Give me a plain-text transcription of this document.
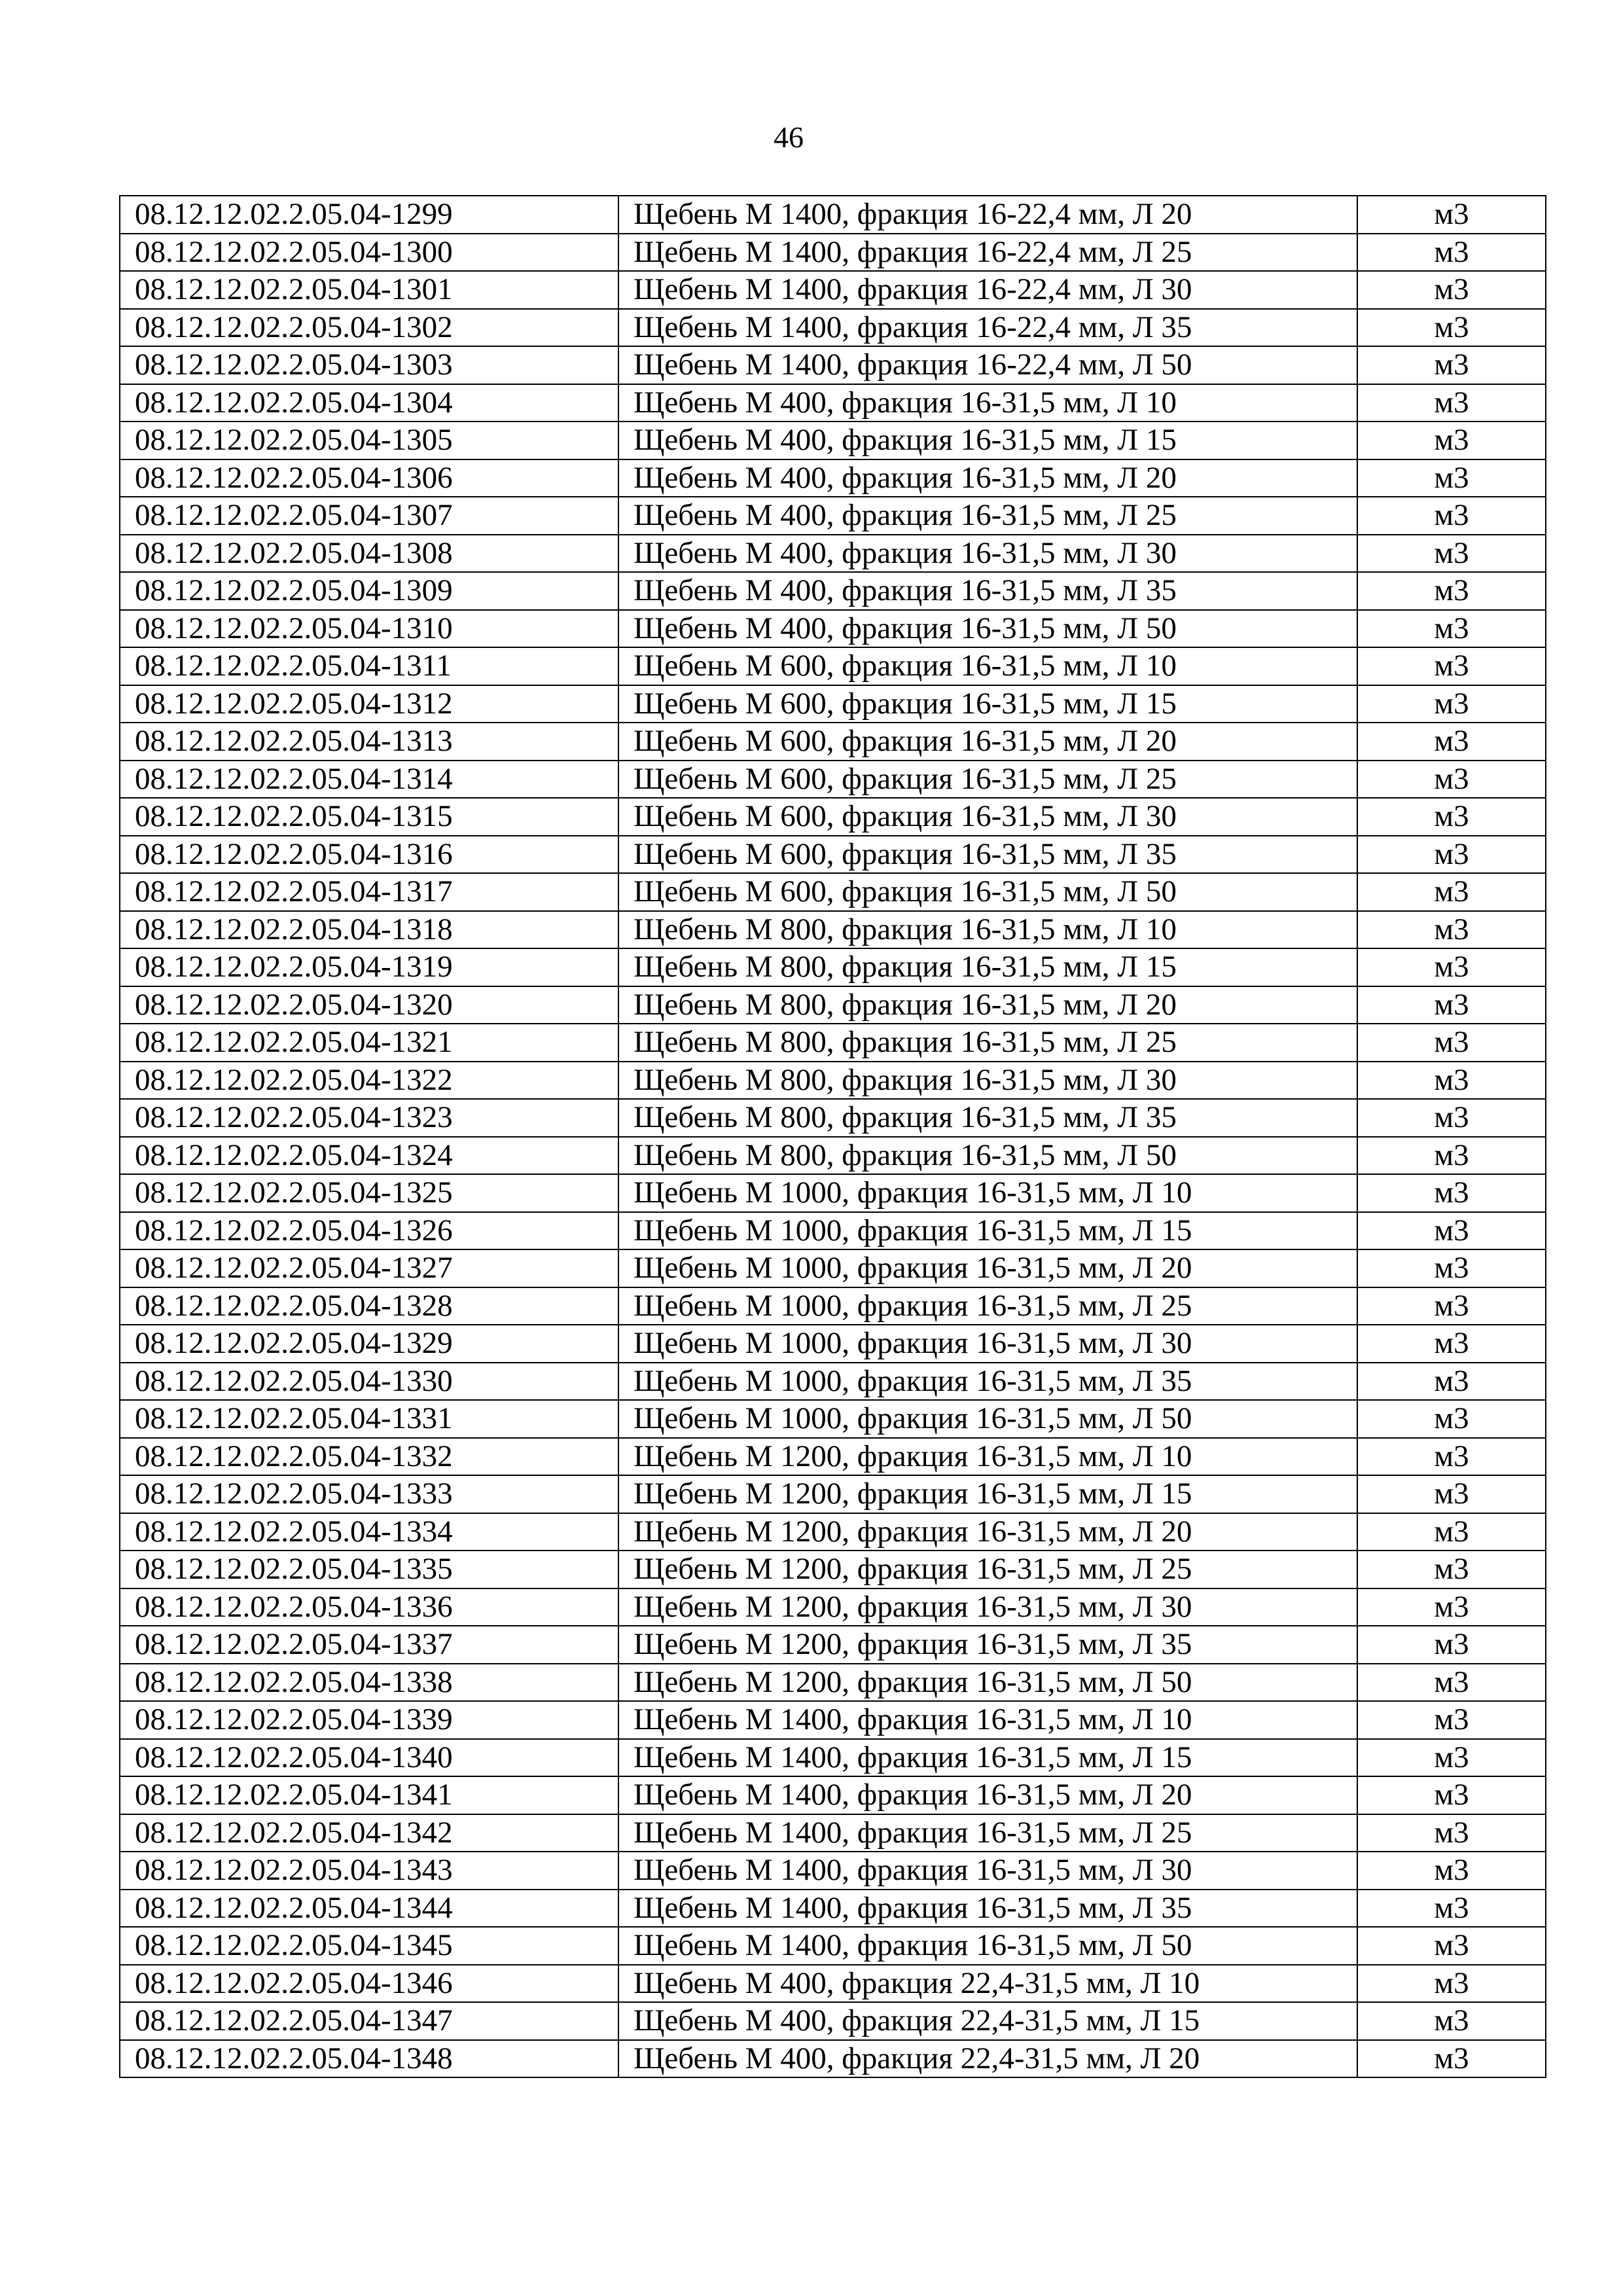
46
08.12.12.02.2.05.04-1299	Щебень М 1400, фракция 16-22,4 мм, Л 20	м3
08.12.12.02.2.05.04-1300	Щебень М 1400, фракция 16-22,4 мм, Л 25	м3
08.12.12.02.2.05.04-1301	Щебень М 1400, фракция 16-22,4 мм, Л 30	м3
08.12.12.02.2.05.04-1302	Щебень М 1400, фракция 16-22,4 мм, Л 35	м3
08.12.12.02.2.05.04-1303	Щебень М 1400, фракция 16-22,4 мм, Л 50	м3
08.12.12.02.2.05.04-1304	Щебень М 400, фракция 16-31,5 мм, Л 10	м3
08.12.12.02.2.05.04-1305	Щебень М 400, фракция 16-31,5 мм, Л 15	м3
08.12.12.02.2.05.04-1306	Щебень М 400, фракция 16-31,5 мм, Л 20	м3
08.12.12.02.2.05.04-1307	Щебень М 400, фракция 16-31,5 мм, Л 25	м3
08.12.12.02.2.05.04-1308	Щебень М 400, фракция 16-31,5 мм, Л 30	м3
08.12.12.02.2.05.04-1309	Щебень М 400, фракция 16-31,5 мм, Л 35	м3
08.12.12.02.2.05.04-1310	Щебень М 400, фракция 16-31,5 мм, Л 50	м3
08.12.12.02.2.05.04-1311	Щебень М 600, фракция 16-31,5 мм, Л 10	м3
08.12.12.02.2.05.04-1312	Щебень М 600, фракция 16-31,5 мм, Л 15	м3
08.12.12.02.2.05.04-1313	Щебень М 600, фракция 16-31,5 мм, Л 20	м3
08.12.12.02.2.05.04-1314	Щебень М 600, фракция 16-31,5 мм, Л 25	м3
08.12.12.02.2.05.04-1315	Щебень М 600, фракция 16-31,5 мм, Л 30	м3
08.12.12.02.2.05.04-1316	Щебень М 600, фракция 16-31,5 мм, Л 35	м3
08.12.12.02.2.05.04-1317	Щебень М 600, фракция 16-31,5 мм, Л 50	м3
08.12.12.02.2.05.04-1318	Щебень М 800, фракция 16-31,5 мм, Л 10	м3
08.12.12.02.2.05.04-1319	Щебень М 800, фракция 16-31,5 мм, Л 15	м3
08.12.12.02.2.05.04-1320	Щебень М 800, фракция 16-31,5 мм, Л 20	м3
08.12.12.02.2.05.04-1321	Щебень М 800, фракция 16-31,5 мм, Л 25	м3
08.12.12.02.2.05.04-1322	Щебень М 800, фракция 16-31,5 мм, Л 30	м3
08.12.12.02.2.05.04-1323	Щебень М 800, фракция 16-31,5 мм, Л 35	м3
08.12.12.02.2.05.04-1324	Щебень М 800, фракция 16-31,5 мм, Л 50	м3
08.12.12.02.2.05.04-1325	Щебень М 1000, фракция 16-31,5 мм, Л 10	м3
08.12.12.02.2.05.04-1326	Щебень М 1000, фракция 16-31,5 мм, Л 15	м3
08.12.12.02.2.05.04-1327	Щебень М 1000, фракция 16-31,5 мм, Л 20	м3
08.12.12.02.2.05.04-1328	Щебень М 1000, фракция 16-31,5 мм, Л 25	м3
08.12.12.02.2.05.04-1329	Щебень М 1000, фракция 16-31,5 мм, Л 30	м3
08.12.12.02.2.05.04-1330	Щебень М 1000, фракция 16-31,5 мм, Л 35	м3
08.12.12.02.2.05.04-1331	Щебень М 1000, фракция 16-31,5 мм, Л 50	м3
08.12.12.02.2.05.04-1332	Щебень М 1200, фракция 16-31,5 мм, Л 10	м3
08.12.12.02.2.05.04-1333	Щебень М 1200, фракция 16-31,5 мм, Л 15	м3
08.12.12.02.2.05.04-1334	Щебень М 1200, фракция 16-31,5 мм, Л 20	м3
08.12.12.02.2.05.04-1335	Щебень М 1200, фракция 16-31,5 мм, Л 25	м3
08.12.12.02.2.05.04-1336	Щебень М 1200, фракция 16-31,5 мм, Л 30	м3
08.12.12.02.2.05.04-1337	Щебень М 1200, фракция 16-31,5 мм, Л 35	м3
08.12.12.02.2.05.04-1338	Щебень М 1200, фракция 16-31,5 мм, Л 50	м3
08.12.12.02.2.05.04-1339	Щебень М 1400, фракция 16-31,5 мм, Л 10	м3
08.12.12.02.2.05.04-1340	Щебень М 1400, фракция 16-31,5 мм, Л 15	м3
08.12.12.02.2.05.04-1341	Щебень М 1400, фракция 16-31,5 мм, Л 20	м3
08.12.12.02.2.05.04-1342	Щебень М 1400, фракция 16-31,5 мм, Л 25	м3
08.12.12.02.2.05.04-1343	Щебень М 1400, фракция 16-31,5 мм, Л 30	м3
08.12.12.02.2.05.04-1344	Щебень М 1400, фракция 16-31,5 мм, Л 35	м3
08.12.12.02.2.05.04-1345	Щебень М 1400, фракция 16-31,5 мм, Л 50	м3
08.12.12.02.2.05.04-1346	Щебень М 400, фракция 22,4-31,5 мм, Л 10	м3
08.12.12.02.2.05.04-1347	Щебень М 400, фракция 22,4-31,5 мм, Л 15	м3
08.12.12.02.2.05.04-1348	Щебень М 400, фракция 22,4-31,5 мм, Л 20	м3
